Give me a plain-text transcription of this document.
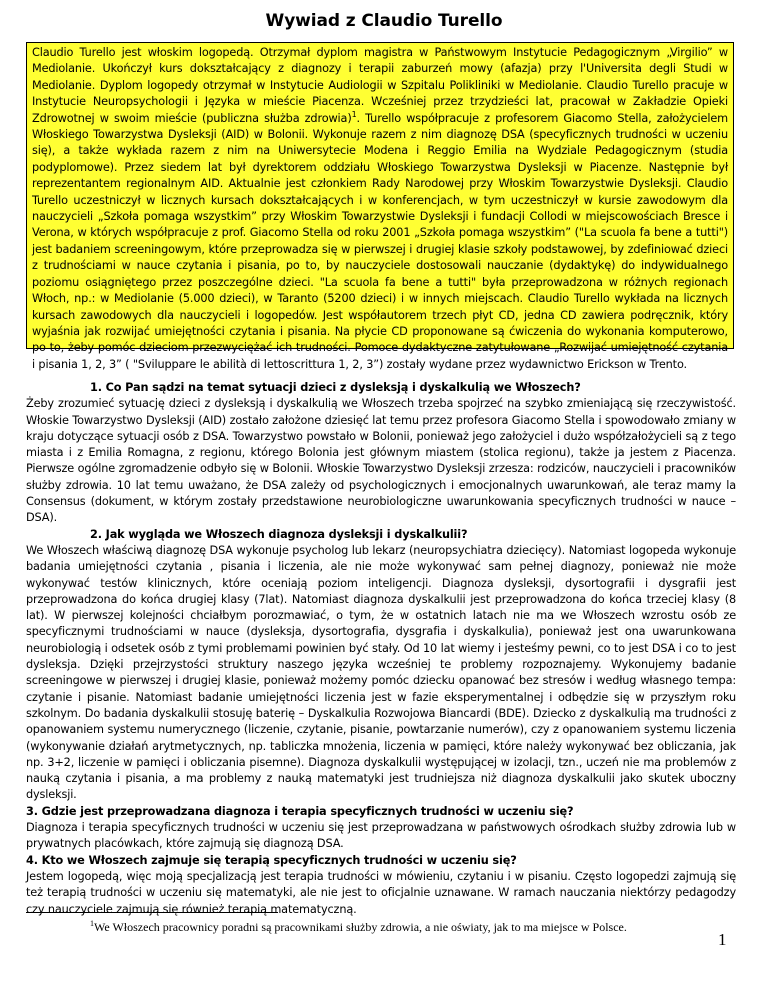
Wywiad z Claudio Turello
Claudio Turello jest włoskim logopedą. Otrzymał dyplom magistra w Państwowym Instytucie Pedagogicznym „Virgilio” w Mediolanie. Ukończył kurs dokształcający z diagnozy i terapii zaburzeń mowy (afazja) przy l'Universita degli Studi w Mediolanie. Dyplom logopedy otrzymał w Instytucie Audiologii w Szpitalu Polikliniki w Mediolanie. Claudio Turello pracuje w Instytucie Neuropsychologii i Języka w mieście Piacenza. Wcześniej przez trzydzieści lat, pracował w Zakładzie Opieki Zdrowotnej w swoim mieście (publiczna służba zdrowia)$^1$. Turello współpracuje z profesorem Giacomo Stella, założycielem Włoskiego Towarzystwa Dysleksji (AID) w Bolonii. Wykonuje razem z nim diagnozę DSA (specyficznych trudności w uczeniu się), a także wykłada razem z nim na Uniwersytecie Modena i Reggio Emilia na Wydziale Pedagogicznym (studia podyplomowe). Przez siedem lat był dyrektorem oddziału Włoskiego Towarzystwa Dysleksji w Piacenze. Następnie był reprezentantem regionalnym AID. Aktualnie jest członkiem Rady Narodowej przy Włoskim Towarzystwie Dysleksji. Claudio Turello uczestniczył w licznych kursach dokształcających i w konferencjach, w tym uczestniczył w kursie zawodowym dla nauczycieli „Szkoła pomaga wszystkim” przy Włoskim Towarzystwie Dysleksji i fundacji Collodi w miejscowościach Bresce i Verona, w których współpracuje z prof. Giacomo Stella od roku 2001 „Szkoła pomaga wszystkim” ("La scuola fa bene a tutti") jest badaniem screeningowym, które przeprowadza się w pierwszej i drugiej klasie szkoły podstawowej, by zdefiniować dzieci z trudnościami w nauce czytania i pisania, po to, by nauczyciele dostosowali nauczanie (dydaktykę) do indywidualnego poziomu osiągniętego przez poszczególne dzieci. "La scuola fa bene a tutti" była przeprowadzona w różnych regionach Włoch, np.: w Mediolanie (5.000 dzieci), w Taranto (5200 dzieci) i w innych miejscach. Claudio Turello wykłada na licznych kursach zawodowych dla nauczycieli i logopedów. Jest współautorem trzech płyt CD, jedna CD zawiera podręcznik, który wyjaśnia jak rozwijać umiejętności czytania i pisania. Na płycie CD proponowane są ćwiczenia do wykonania komputerowo, po to, żeby pomóc dzieciom przezwyciężać ich trudności. Pomoce dydaktyczne zatytułowane „Rozwijać umiejętność czytania i pisania 1, 2, 3” ( "Sviluppare le abilità di lettoscrittura 1, 2, 3”) zostały wydane przez wydawnictwo Erickson w Trento.

1. Co Pan sądzi na temat sytuacji dzieci z dysleksją i dyskalkulią we Włoszech?

Żeby zrozumieć sytuację dzieci z dysleksją i dyskalkulią we Włoszech trzeba spojrzeć na szybko zmieniającą się rzeczywistość. Włoskie Towarzystwo Dysleksji (AID) zostało założone dziesięć lat temu przez profesora Giacomo Stella i spowodowało zmiany w kraju dotyczące sytuacji osób z DSA. Towarzystwo powstało w Bolonii, ponieważ jego założyciel i dużo współzałożycieli są z tego miasta i z Emilia Romagna, z regionu, którego Bolonia jest głównym miastem (stolica regionu), także ja jestem z Piacenza. Pierwsze ogólne zgromadzenie odbyło się w Bolonii. Włoskie Towarzystwo Dysleksji zrzesza: rodziców, nauczycieli i pracowników służby zdrowia. 10 lat temu uważano, że DSA zależy od psychologicznych i emocjonalnych uwarunkowań, ale teraz mamy la Consensus (dokument, w którym zostały przedstawione neurobiologiczne uwarunkowania specyficznych trudności w nauce – DSA).

2. Jak wygląda we Włoszech diagnoza dysleksji i dyskalkulii?

We Włoszech właściwą diagnozę DSA wykonuje psycholog lub lekarz (neuropsychiatra dziecięcy). Natomiast logopeda wykonuje badania umiejętności czytania , pisania i liczenia, ale nie może wykonywać sam pełnej diagnozy, ponieważ nie może wykonywać testów klinicznych, które oceniają poziom inteligencji. Diagnoza dysleksji, dysortografii i dysgrafii jest przeprowadzona do końca drugiej klasy (7lat). Natomiast diagnoza dyskalkulii jest przeprowadzona do końca trzeciej klasy (8 lat). W pierwszej kolejności chciałbym porozmawiać, o tym, że w ostatnich latach nie ma we Włoszech wzrostu osób ze specyficznymi trudnościami w nauce (dysleksja, dysortografia, dysgrafia i dyskalkulia), ponieważ jest ona uwarunkowana neurobiologią i odsetek osób z tymi problemami powinien być stały. Od 10 lat wiemy i jesteśmy pewni, co to jest DSA i co to jest dysleksja. Dzięki przejrzystości struktury naszego języka wcześniej te problemy rozpoznajemy. Wykonujemy badanie screeningowe w pierwszej i drugiej klasie, ponieważ możemy pomóc dziecku opanować bez stresów i według własnego tempa: czytanie i pisanie. Natomiast badanie umiejętności liczenia jest w fazie eksperymentalnej i odbędzie się w przyszłym roku szkolnym. Do badania dyskalkulii stosuję baterię – Dyskalkulia Rozwojowa Biancardi (BDE). Dziecko z dyskalkulią ma trudności z opanowaniem systemu numerycznego (liczenie, czytanie, pisanie, powtarzanie numerów), czy z opanowaniem systemu liczenia (wykonywanie działań arytmetycznych, np. tabliczka mnożenia, liczenia w pamięci, które należy wykonywać bez obliczania, jak np. 3+2, liczenie w pamięci i obliczania pisemne). Diagnoza dyskalkulii występującej w izolacji, tzn., uczeń nie ma problemów z nauką czytania i pisania, a ma problemy z nauką matematyki jest trudniejsza niż diagnoza dyskalkulii jako skutek uboczny dysleksji.

3. Gdzie jest przeprowadzana diagnoza i terapia specyficznych trudności w uczeniu się?

Diagnoza i terapia specyficznych trudności w uczeniu się jest przeprowadzana w państwowych ośrodkach służby zdrowia lub w prywatnych placówkach, które zajmują się diagnozą DSA.

4. Kto we Włoszech zajmuje się terapią specyficznych trudności w uczeniu się?

Jestem logopedą, więc moją specjalizacją jest terapia trudności w mówieniu, czytaniu i w pisaniu. Często logopedzi zajmują się też terapią trudności w uczeniu się matematyki, ale nie jest to oficjalnie uznawane. W ramach nauczania niektórzy pedagodzy czy nauczyciele zajmują się również terapią matematyczną.

$^1$We Włoszech pracownicy poradni są pracownikami służby zdrowia, a nie oświaty, jak to ma miejsce w Polsce.
1
